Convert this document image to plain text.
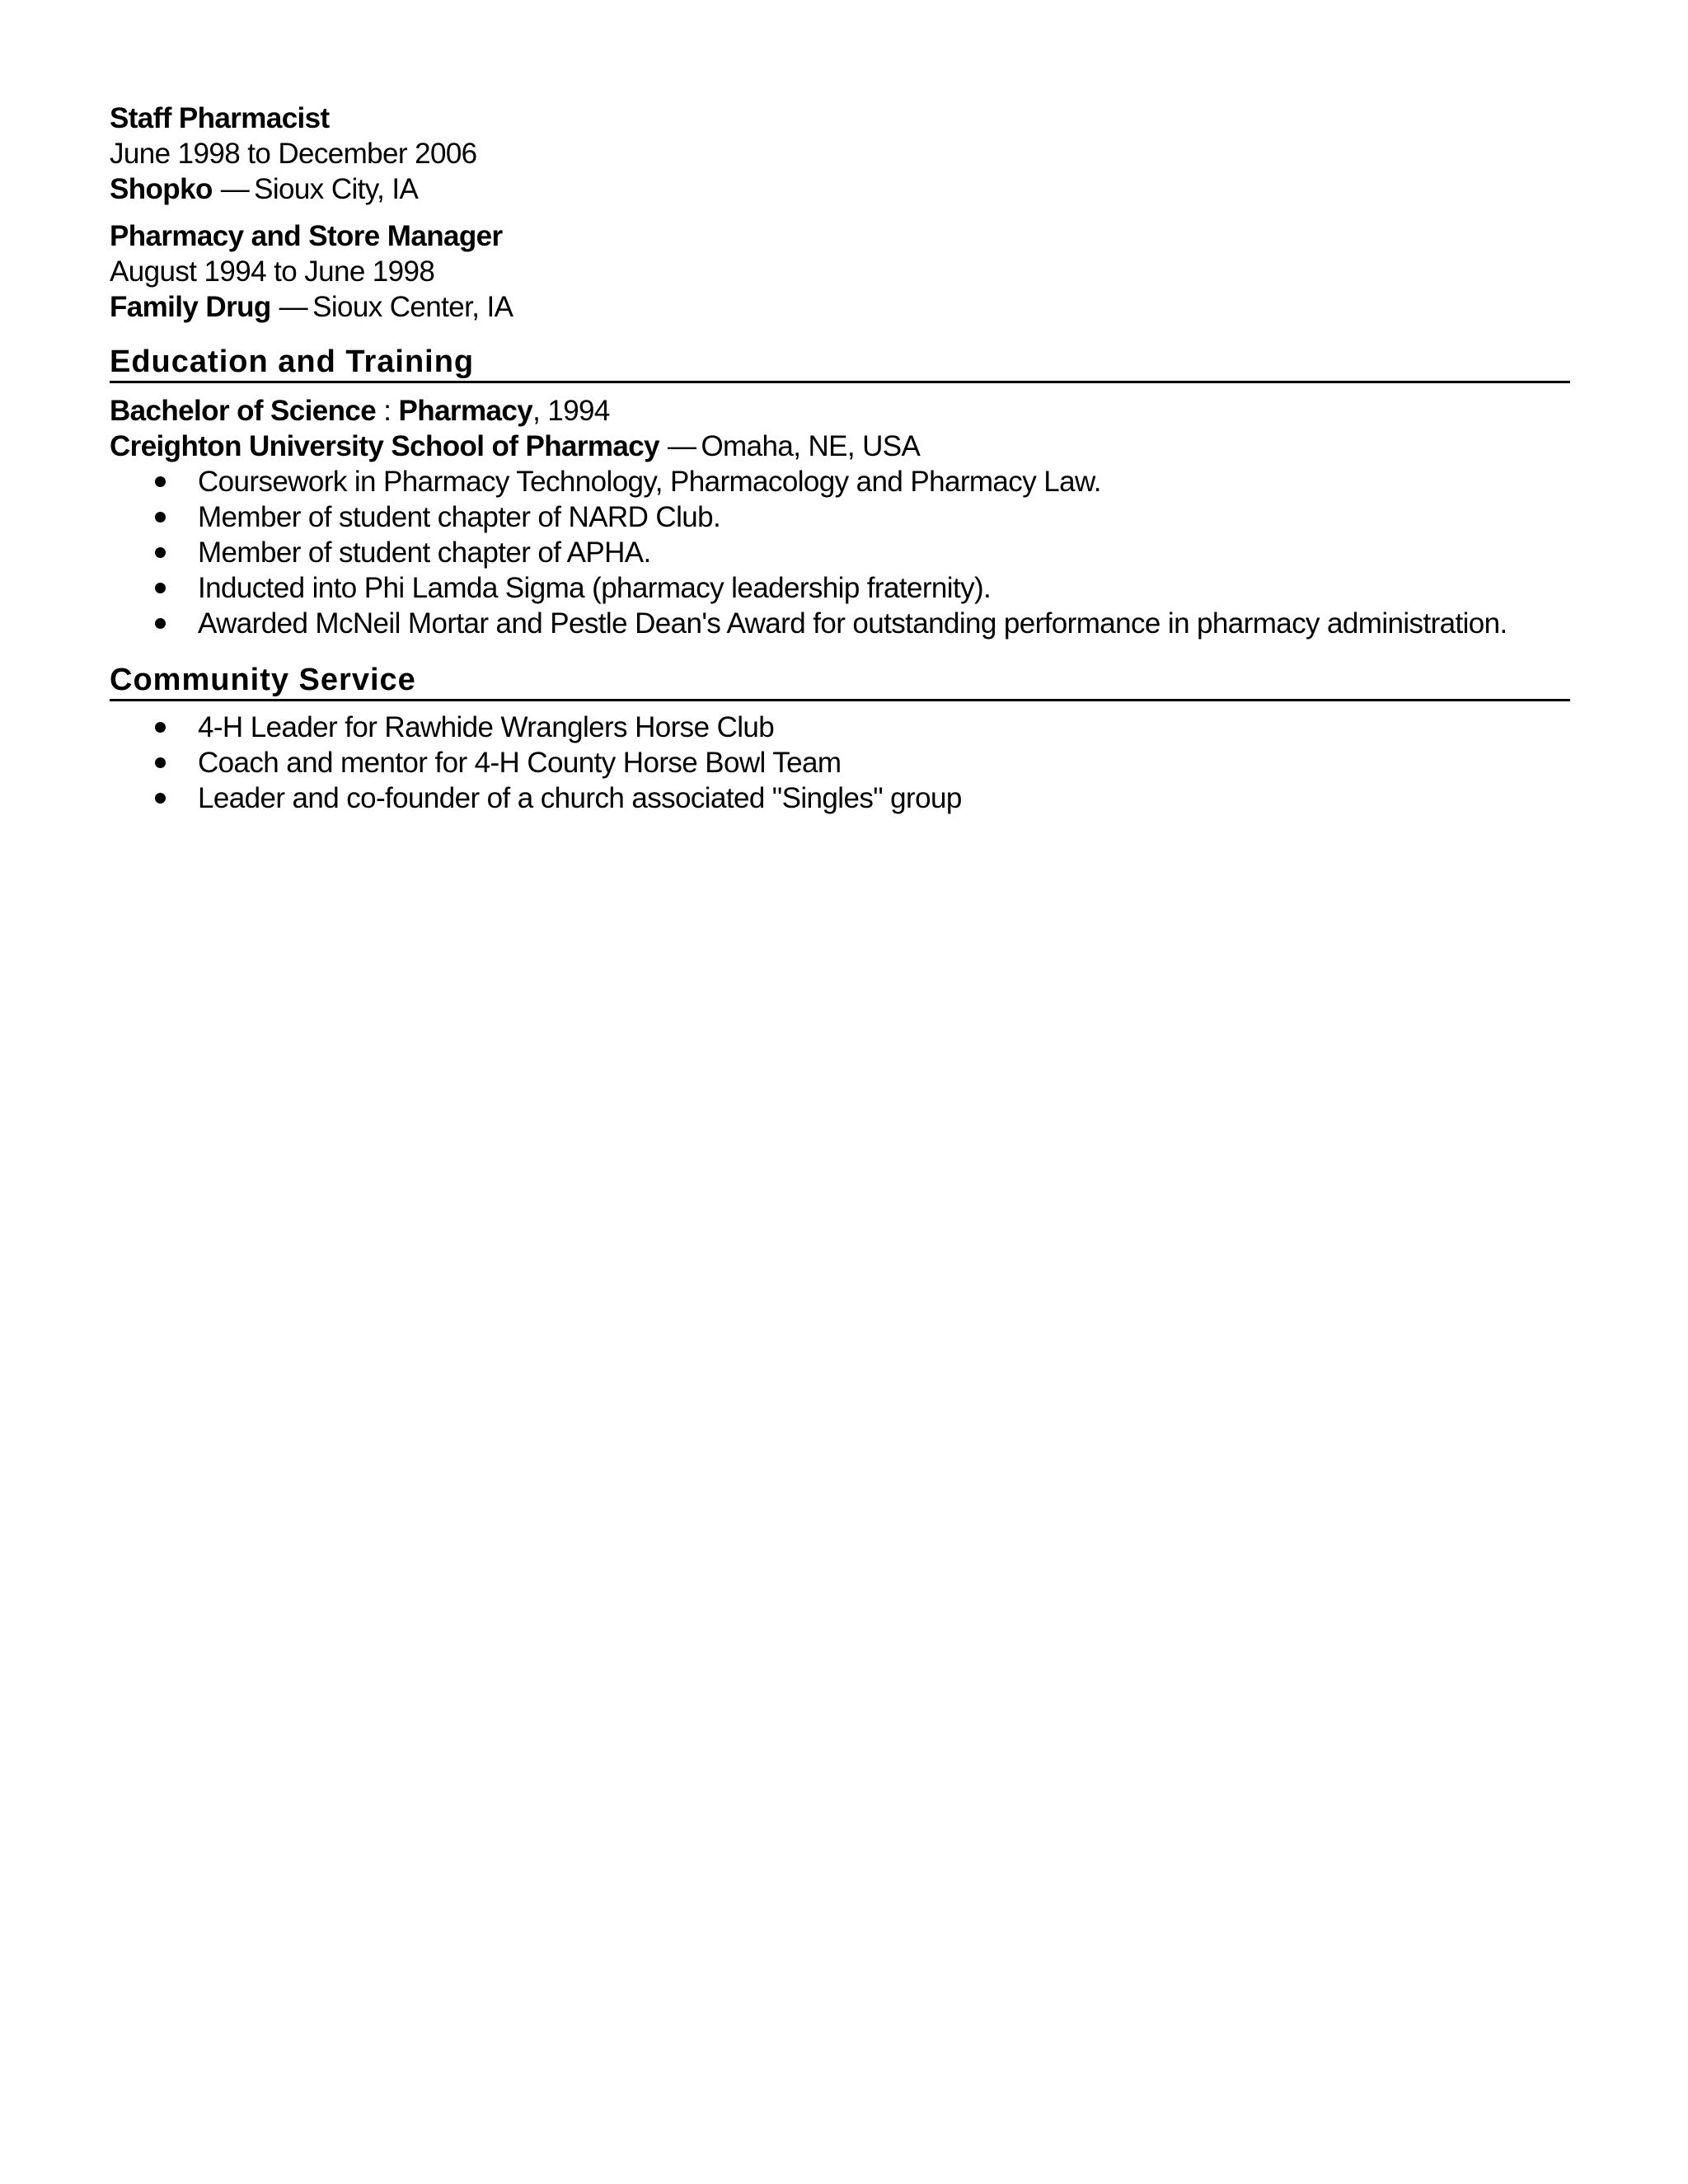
Staff Pharmacist
June 1998 to December 2006
Shopko — Sioux City, IA
Pharmacy and Store Manager
August 1994 to June 1998
Family Drug — Sioux Center, IA
Education and Training
Bachelor of Science : Pharmacy, 1994
Creighton University School of Pharmacy — Omaha, NE, USA
Coursework in Pharmacy Technology, Pharmacology and Pharmacy Law.
Member of student chapter of NARD Club.
Member of student chapter of APHA.
Inducted into Phi Lamda Sigma (pharmacy leadership fraternity).
Awarded McNeil Mortar and Pestle Dean's Award for outstanding performance in pharmacy administration.
Community Service
4-H Leader for Rawhide Wranglers Horse Club
Coach and mentor for 4-H County Horse Bowl Team
Leader and co-founder of a church associated "Singles" group
